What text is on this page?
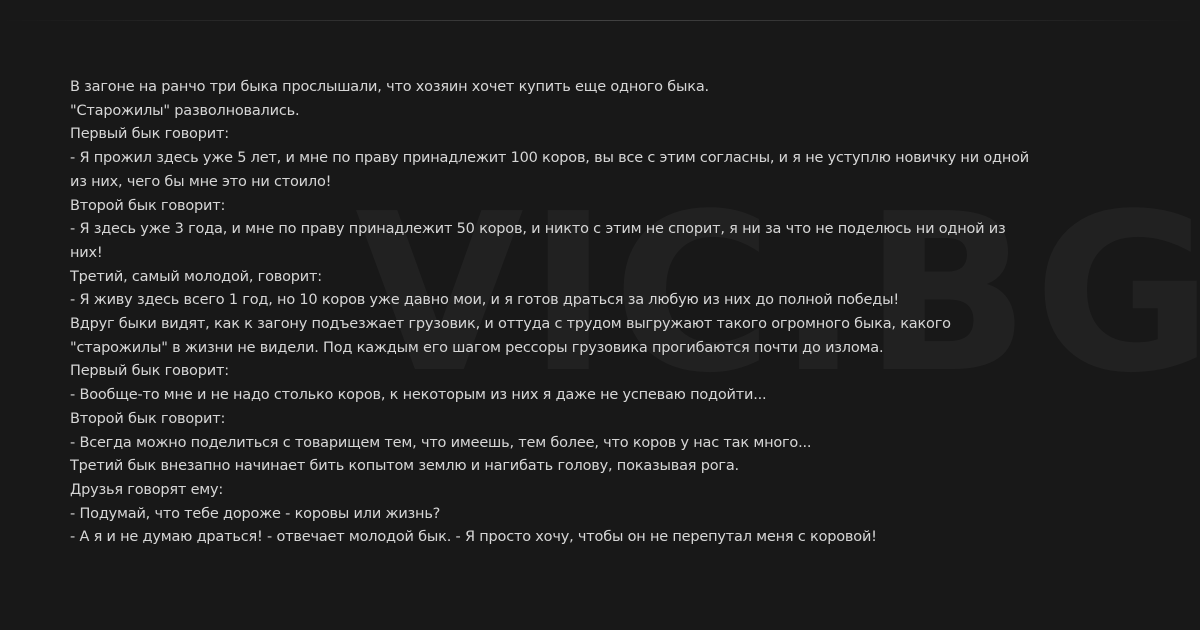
В загоне на ранчо три быка прослышали, что хозяин хочет купить еще одного быка.
"Старожилы" разволновались.
Первый бык говорит:
- Я прожил здесь уже 5 лет, и мне по праву принадлежит 100 коров, вы все с этим согласны, и я не уступлю новичку ни одной
из них, чего бы мне это ни стоило!
Второй бык говорит:
- Я здесь уже 3 года, и мне по праву принадлежит 50 коров, и никто с этим не спорит, я ни за что не поделюсь ни одной из
них!
Третий, самый молодой, говорит:
- Я живу здесь всего 1 год, но 10 коров уже давно мои, и я готов драться за любую из них до полной победы!
Вдруг быки видят, как к загону подъезжает грузовик, и оттуда с трудом выгружают такого огромного быка, какого
"старожилы" в жизни не видели. Под каждым его шагом рессоры грузовика прогибаются почти до излома.
Первый бык говорит:
- Вообще-то мне и не надо столько коров, к некоторым из них я даже не успеваю подойти...
Второй бык говорит:
- Всегда можно поделиться с товарищем тем, что имеешь, тем более, что коров у нас так много...
Третий бык внезапно начинает бить копытом землю и нагибать голову, показывая рога.
Друзья говорят ему:
- Подумай, что тебе дороже - коровы или жизнь?
- А я и не думаю драться! - отвечает молодой бык. - Я просто хочу, чтобы он не перепутал меня с коровой!
